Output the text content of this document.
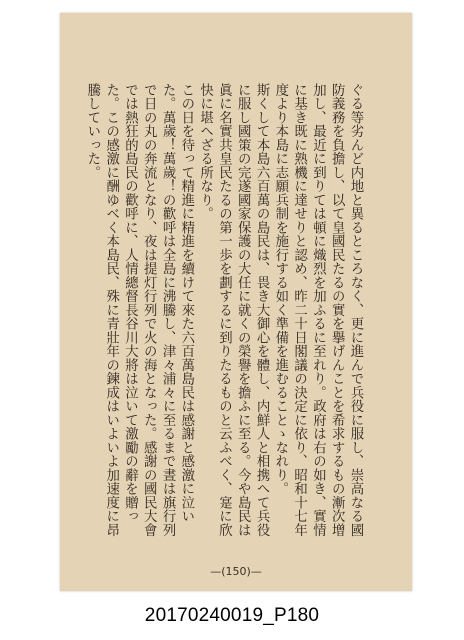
ぐる等劣んど内地と異るところなく、更に進んで兵役に服し、崇高なる國防義務を負擔し、以て皇國民たるの實を擧げんことを希求するもの漸次增加し、最近に到りては頓に熾烈を加ふるに至れり。政府は右の如き、實情に基き既に熟機に達せりと認め、昨二十日閣議の決定に依り、昭和十七年度より本島に志願兵制を施行する如く準備を進むることゝなれり。

斯くして本島六百萬の島民は、畏き大御心を體し、内鮮人と相携へて兵役に服し國策の完遂國家保護の大任に就くの榮譽を擔ふに至る。今や島民は眞に名實共皇民たるの第一歩を劃するに到りたるものと云ふべく、寔に欣快に堪へざる所なり。

この日を待って精進に精進を續けて來た六百萬島民は感謝と感激に泣いた。萬歲！萬歲！の歡呼は全島に沸騰し、津々浦々に至るまで晝は旗行列で日の丸の奔流となり、夜は提灯行列で火の海となった。感謝の國民大會では熱狂的島民の歡呼に、人情總督長谷川大將は泣いて激勵の辭を贈った。この感激に酬ゆべく本島民、殊に青壯年の鍊成はいよいよ加速度に昂騰していった。

—(150)—
20170240019_P180
